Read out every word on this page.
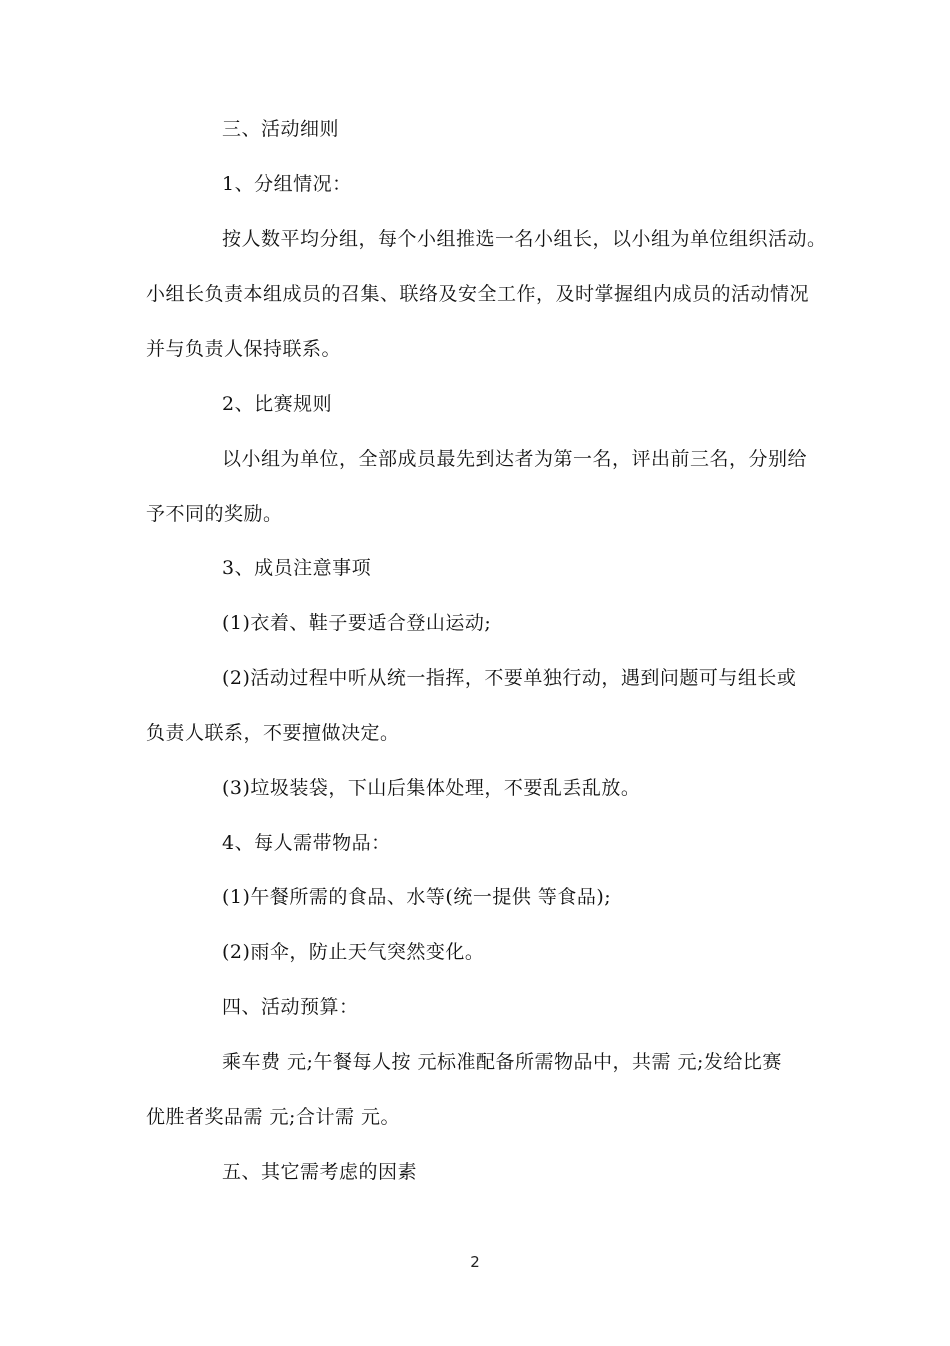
三、活动细则
1、分组情况：
按人数平均分组，每个小组推选一名小组长，以小组为单位组织活动。
小组长负责本组成员的召集、联络及安全工作，及时掌握组内成员的活动情况
并与负责人保持联系。
2、比赛规则
以小组为单位，全部成员最先到达者为第一名，评出前三名，分别给
予不同的奖励。
3、成员注意事项
(1)衣着、鞋子要适合登山运动;
(2)活动过程中听从统一指挥，不要单独行动，遇到问题可与组长或
负责人联系，不要擅做决定。
(3)垃圾装袋，下山后集体处理，不要乱丢乱放。
4、每人需带物品：
(1)午餐所需的食品、水等(统一提供 等食品);
(2)雨伞，防止天气突然变化。
四、活动预算：
乘车费 元;午餐每人按 元标准配备所需物品中，共需 元;发给比赛
优胜者奖品需 元;合计需 元。
五、其它需考虑的因素
2
